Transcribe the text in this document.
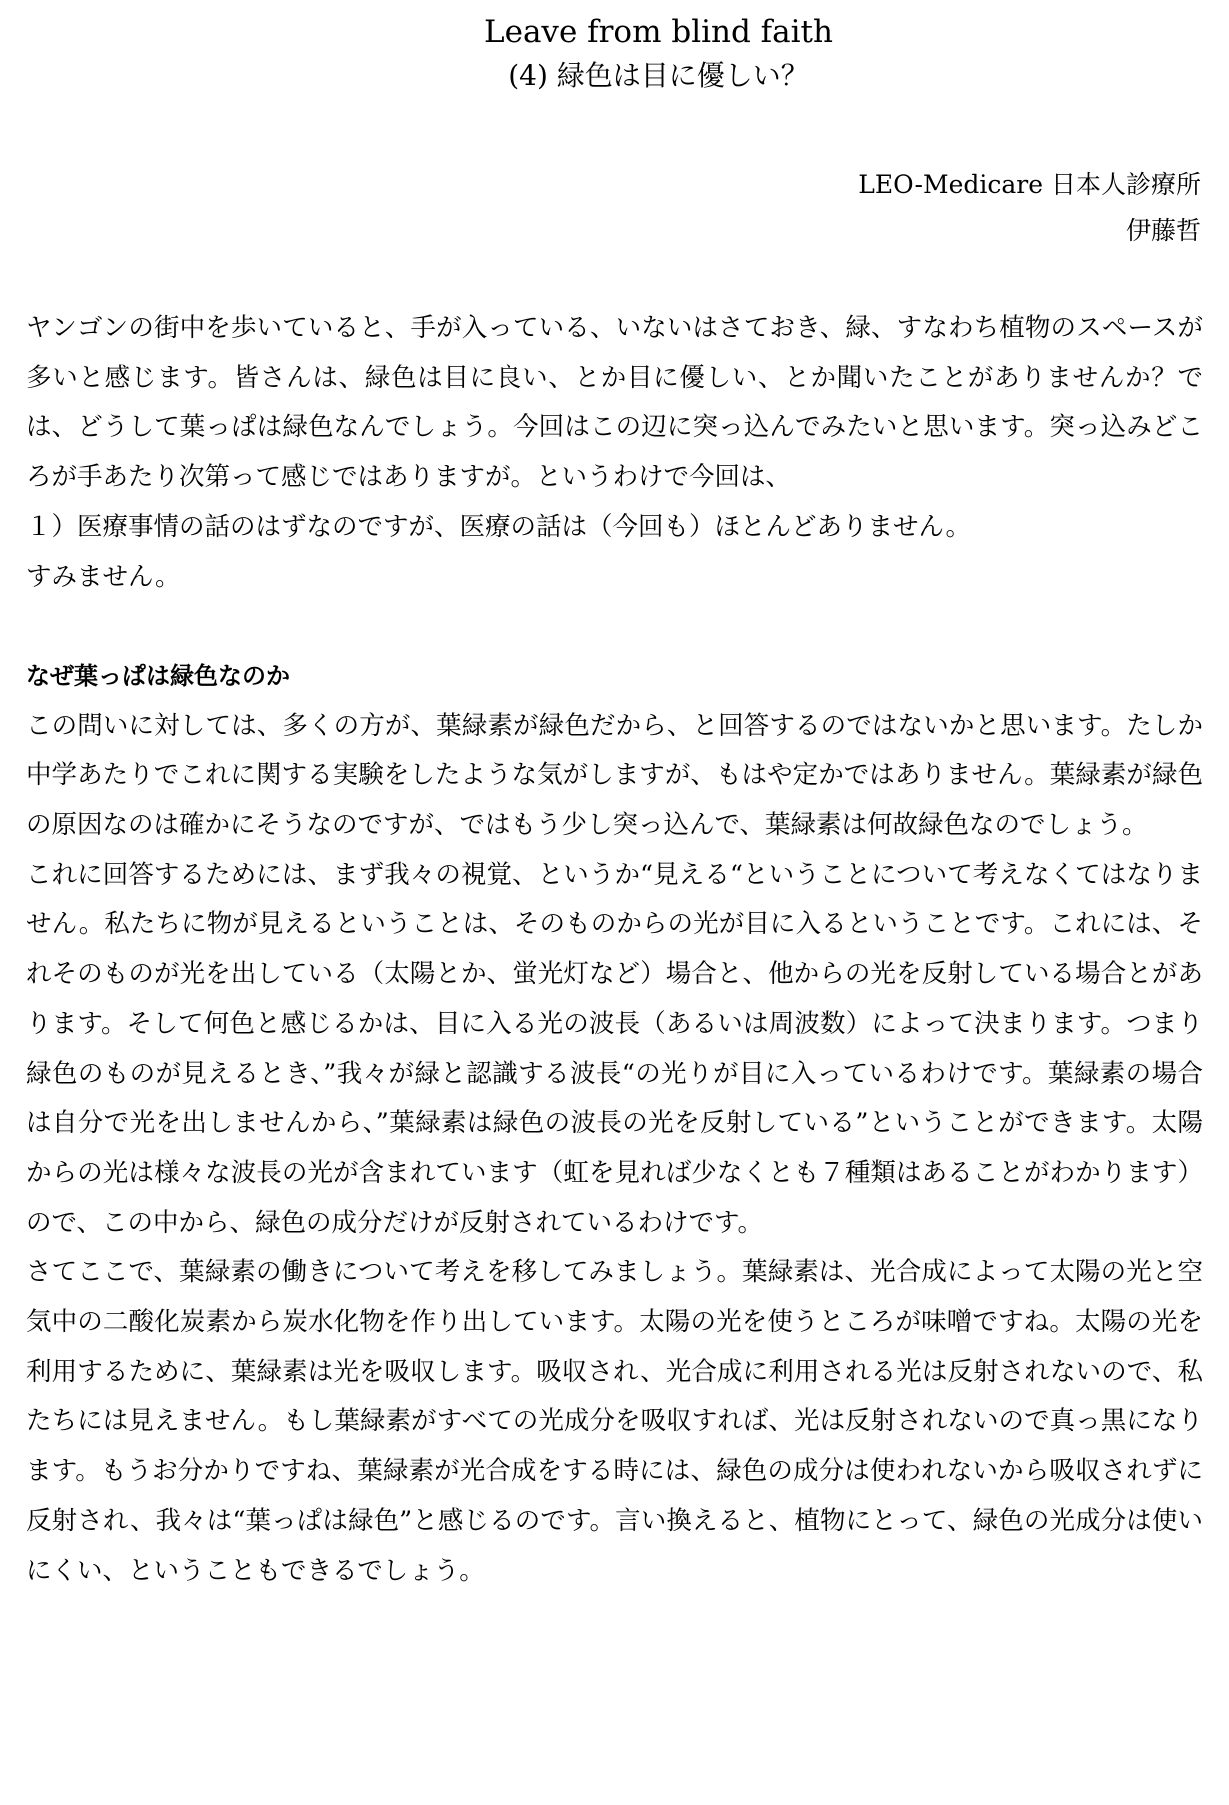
Leave from blind faith
(4) 緑色は目に優しい？
LEO-Medicare 日本人診療所
伊藤哲

ヤンゴンの街中を歩いていると、手が入っている、いないはさておき、緑、すなわち植物のスペースが多いと感じます。皆さんは、緑色は目に良い、とか目に優しい、とか聞いたことがありませんか？では、どうして葉っぱは緑色なんでしょう。今回はこの辺に突っ込んでみたいと思います。突っ込みどころが手あたり次第って感じではありますが。というわけで今回は、

１）医療事情の話のはずなのですが、医療の話は（今回も）ほとんどありません。

すみません。

なぜ葉っぱは緑色なのか

この問いに対しては、多くの方が、葉緑素が緑色だから、と回答するのではないかと思います。たしか中学あたりでこれに関する実験をしたような気がしますが、もはや定かではありません。葉緑素が緑色の原因なのは確かにそうなのですが、ではもう少し突っ込んで、葉緑素は何故緑色なのでしょう。

これに回答するためには、まず我々の視覚、というか“見える“ということについて考えなくてはなりません。私たちに物が見えるということは、そのものからの光が目に入るということです。これには、それそのものが光を出している（太陽とか、蛍光灯など）場合と、他からの光を反射している場合とがあります。そして何色と感じるかは、目に入る光の波長（あるいは周波数）によって決まります。つまり緑色のものが見えるとき、”我々が緑と認識する波長“の光りが目に入っているわけです。葉緑素の場合は自分で光を出しませんから、”葉緑素は緑色の波長の光を反射している”ということができます。太陽からの光は様々な波長の光が含まれています（虹を見れば少なくとも７種類はあることがわかります）ので、この中から、緑色の成分だけが反射されているわけです。

さてここで、葉緑素の働きについて考えを移してみましょう。葉緑素は、光合成によって太陽の光と空気中の二酸化炭素から炭水化物を作り出しています。太陽の光を使うところが味噌ですね。太陽の光を利用するために、葉緑素は光を吸収します。吸収され、光合成に利用される光は反射されないので、私たちには見えません。もし葉緑素がすべての光成分を吸収すれば、光は反射されないので真っ黒になります。もうお分かりですね、葉緑素が光合成をする時には、緑色の成分は使われないから吸収されずに反射され、我々は“葉っぱは緑色”と感じるのです。言い換えると、植物にとって、緑色の光成分は使いにくい、ということもできるでしょう。
